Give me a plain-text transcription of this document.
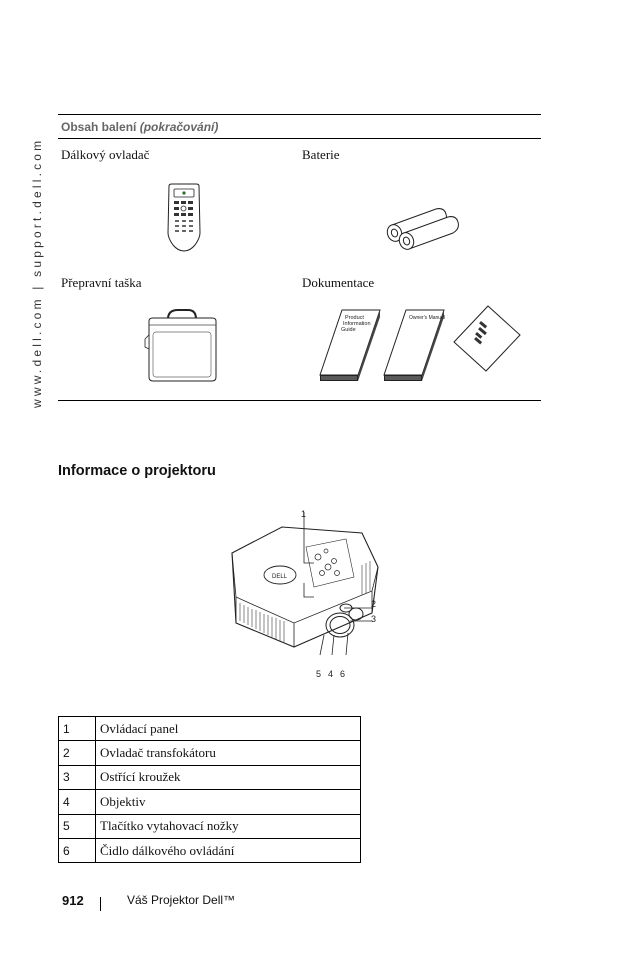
www.dell.com | support.dell.com
Obsah balení (pokračování)
Dálkový ovladač	Baterie
Přepravní taška	Dokumentace
Product
Information
Guide
Owner's Manual
Informace o projektoru
DELL
1
2
3
5 4 6
1	Ovládací panel
2	Ovladač transfokátoru
3	Ostřící kroužek
4	Objektiv
5	Tlačítko vytahovací nožky
6	Čidlo dálkového ovládání
912	Váš Projektor Dell™
